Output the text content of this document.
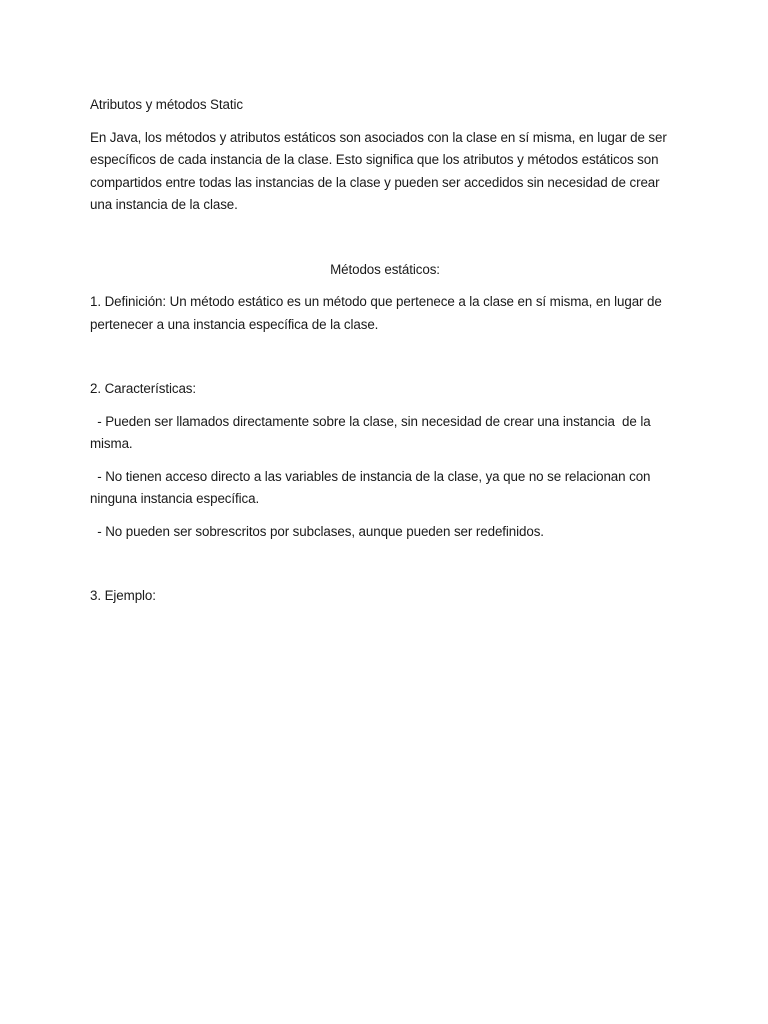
Atributos y métodos Static

En Java, los métodos y atributos estáticos son asociados con la clase en sí misma, en lugar de ser específicos de cada instancia de la clase. Esto significa que los atributos y métodos estáticos son compartidos entre todas las instancias de la clase y pueden ser accedidos sin necesidad de crear una instancia de la clase.

Métodos estáticos:

1. Definición: Un método estático es un método que pertenece a la clase en sí misma, en lugar de pertenecer a una instancia específica de la clase.

2. Características:

- Pueden ser llamados directamente sobre la clase, sin necesidad de crear una instancia  de la misma.

- No tienen acceso directo a las variables de instancia de la clase, ya que no se relacionan con ninguna instancia específica.

- No pueden ser sobrescritos por subclases, aunque pueden ser redefinidos.

3. Ejemplo:
